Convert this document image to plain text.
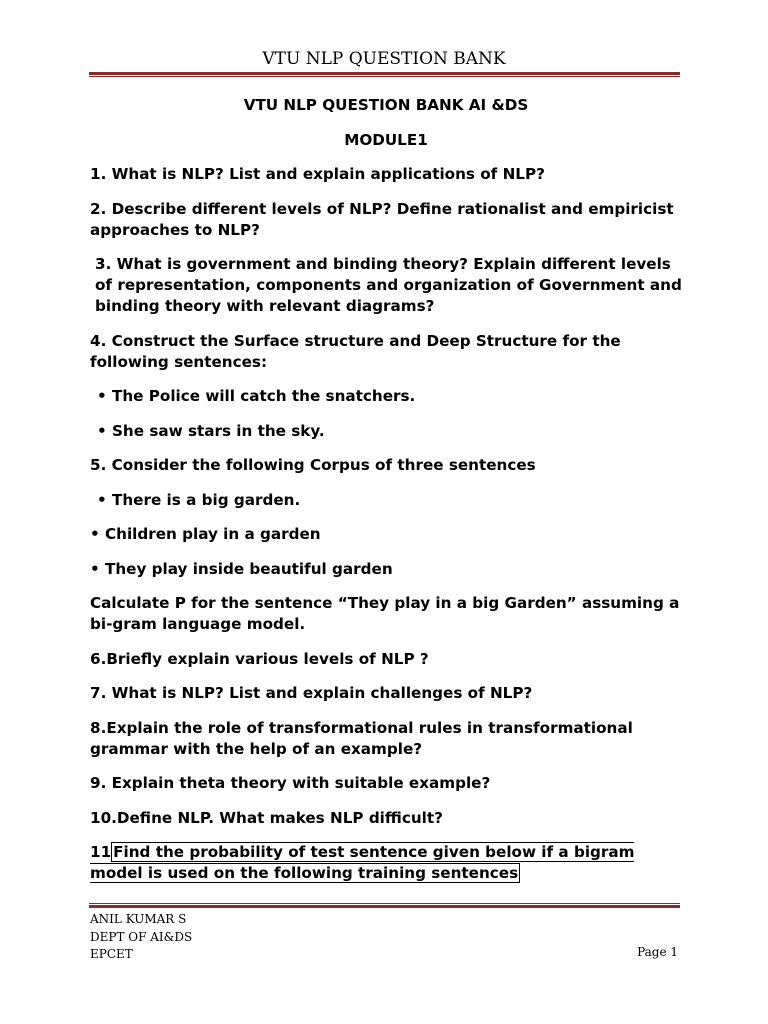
VTU NLP QUESTION BANK

VTU NLP QUESTION BANK AI &DS

MODULE1

1. What is NLP? List and explain applications of NLP?

2. Describe different levels of NLP? Define rationalist and empiricist approaches to NLP?

3. What is government and binding theory? Explain different levels of representation, components and organization of Government and binding theory with relevant diagrams?

4. Construct the Surface structure and Deep Structure for the following sentences:

• The Police will catch the snatchers.

• She saw stars in the sky.

5. Consider the following Corpus of three sentences

• There is a big garden.

• Children play in a garden

• They play inside beautiful garden

Calculate P for the sentence “They play in a big Garden” assuming a bi-gram language model.

6.Briefly explain various levels of NLP ?

7. What is NLP? List and explain challenges of NLP?

8.Explain the role of transformational rules in transformational grammar with the help of an example?

9. Explain theta theory with suitable example?

10.Define NLP. What makes NLP difficult?

11 Find the probability of test sentence given below if a bigram model is used on the following training sentences

ANIL KUMAR S
DEPT OF AI&DS
EPCET	Page 1
